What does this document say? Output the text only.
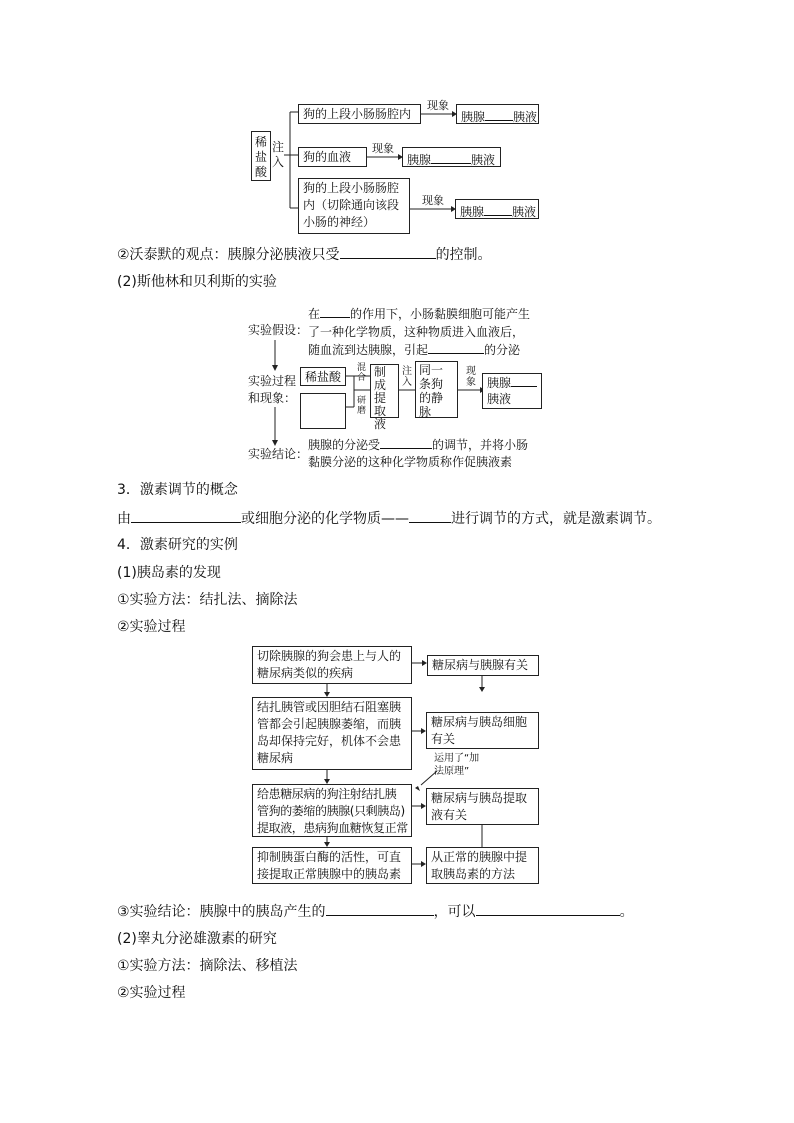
稀盐酸
注入
狗的上段小肠肠腔内
狗的血液
狗的上段小肠肠腔
内（切除通向该段
小肠的神经）
现象
现象
现象
胰腺 胰液
胰腺	胰液
胰腺 胰液
②沃泰默的观点：胰腺分泌胰液只受	的控制。
(2)斯他林和贝利斯的实验
实验假设：
在	的作用下，小肠黏膜细胞可能产生
了一种化学物质，这种物质进入血液后，
随血流到达胰腺，引起	的分泌
实验过程
和现象：
稀盐酸
混合
研磨
制成提取液
注入
同一条狗的静脉
现象 胰腺
胰液
实验结论：
胰腺的分泌受	的调节，并将小肠
黏膜分泌的这种化学物质称作促胰液素
3．激素调节的概念
由	或细胞分泌的化学物质——	进行调节的方式，就是激素调节。
4．激素研究的实例
(1)胰岛素的发现
①实验方法：结扎法、摘除法
②实验过程
切除胰腺的狗会患上与人的
糖尿病类似的疾病
结扎胰管或因胆结石阻塞胰
管都会引起胰腺萎缩，而胰
岛却保持完好，机体不会患
糖尿病
给患糖尿病的狗注射结扎胰
管狗的萎缩的胰腺(只剩胰岛)
提取液，患病狗血糖恢复正常
抑制胰蛋白酶的活性，可直
接提取正常胰腺中的胰岛素
糖尿病与胰腺有关
糖尿病与胰岛细胞
有关
运用了“加
法原理”
糖尿病与胰岛提取
液有关
从正常的胰腺中提
取胰岛素的方法
③实验结论：胰腺中的胰岛产生的	，可以	。
(2)睾丸分泌雄激素的研究
①实验方法：摘除法、移植法
②实验过程
